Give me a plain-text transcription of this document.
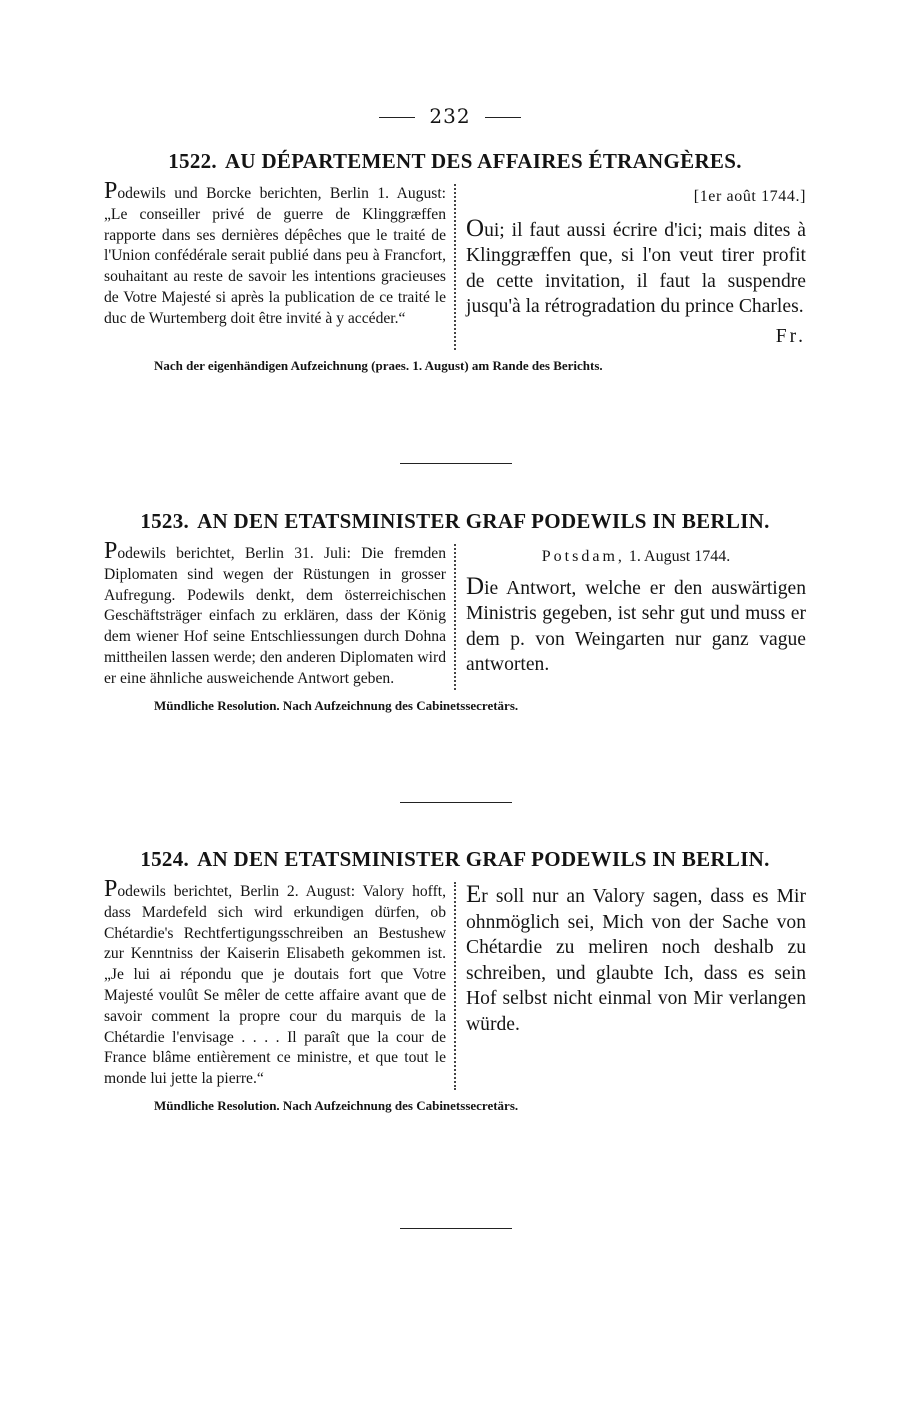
232
1522. AU DÉPARTEMENT DES AFFAIRES ÉTRANGÈRES.
Podewils und Borcke berichten, Berlin 1. August: „Le conseiller privé de guerre de Klinggræffen rapporte dans ses dernières dépêches que le traité de l'Union confédérale serait publié dans peu à Francfort, souhaitant au reste de savoir les intentions gracieuses de Votre Majesté si après la publication de ce traité le duc de Wurtemberg doit être invité à y accéder.“
[1er août 1744.]
Oui; il faut aussi écrire d'ici; mais dites à Klinggræffen que, si l'on veut tirer profit de cette invitation, il faut la suspendre jusqu'à la rétrogradation du prince Charles.
Fr.
Nach der eigenhändigen Aufzeichnung (praes. 1. August) am Rande des Berichts.
1523. AN DEN ETATSMINISTER GRAF PODEWILS IN BERLIN.
Podewils berichtet, Berlin 31. Juli: Die fremden Diplomaten sind wegen der Rüstungen in grosser Aufregung. Podewils denkt, dem österreichischen Geschäftsträger einfach zu erklären, dass der König dem wiener Hof seine Entschliessungen durch Dohna mittheilen lassen werde; den anderen Diplomaten wird er eine ähnliche ausweichende Antwort geben.
Potsdam, 1. August 1744.
Die Antwort, welche er den auswärtigen Ministris gegeben, ist sehr gut und muss er dem p. von Weingarten nur ganz vague antworten.
Mündliche Resolution. Nach Aufzeichnung des Cabinetssecretärs.
1524. AN DEN ETATSMINISTER GRAF PODEWILS IN BERLIN.
Podewils berichtet, Berlin 2. August: Valory hofft, dass Mardefeld sich wird erkundigen dürfen, ob Chétardie's Rechtfertigungsschreiben an Bestushew zur Kenntniss der Kaiserin Elisabeth gekommen ist. „Je lui ai répondu que je doutais fort que Votre Majesté voulût Se mêler de cette affaire avant que de savoir comment la propre cour du marquis de la Chétardie l'envisage . . . . Il paraît que la cour de France blâme entièrement ce ministre, et que tout le monde lui jette la pierre.“
Er soll nur an Valory sagen, dass es Mir ohnmöglich sei, Mich von der Sache von Chétardie zu meliren noch deshalb zu schreiben, und glaubte Ich, dass es sein Hof selbst nicht einmal von Mir verlangen würde.
Mündliche Resolution. Nach Aufzeichnung des Cabinetssecretärs.
